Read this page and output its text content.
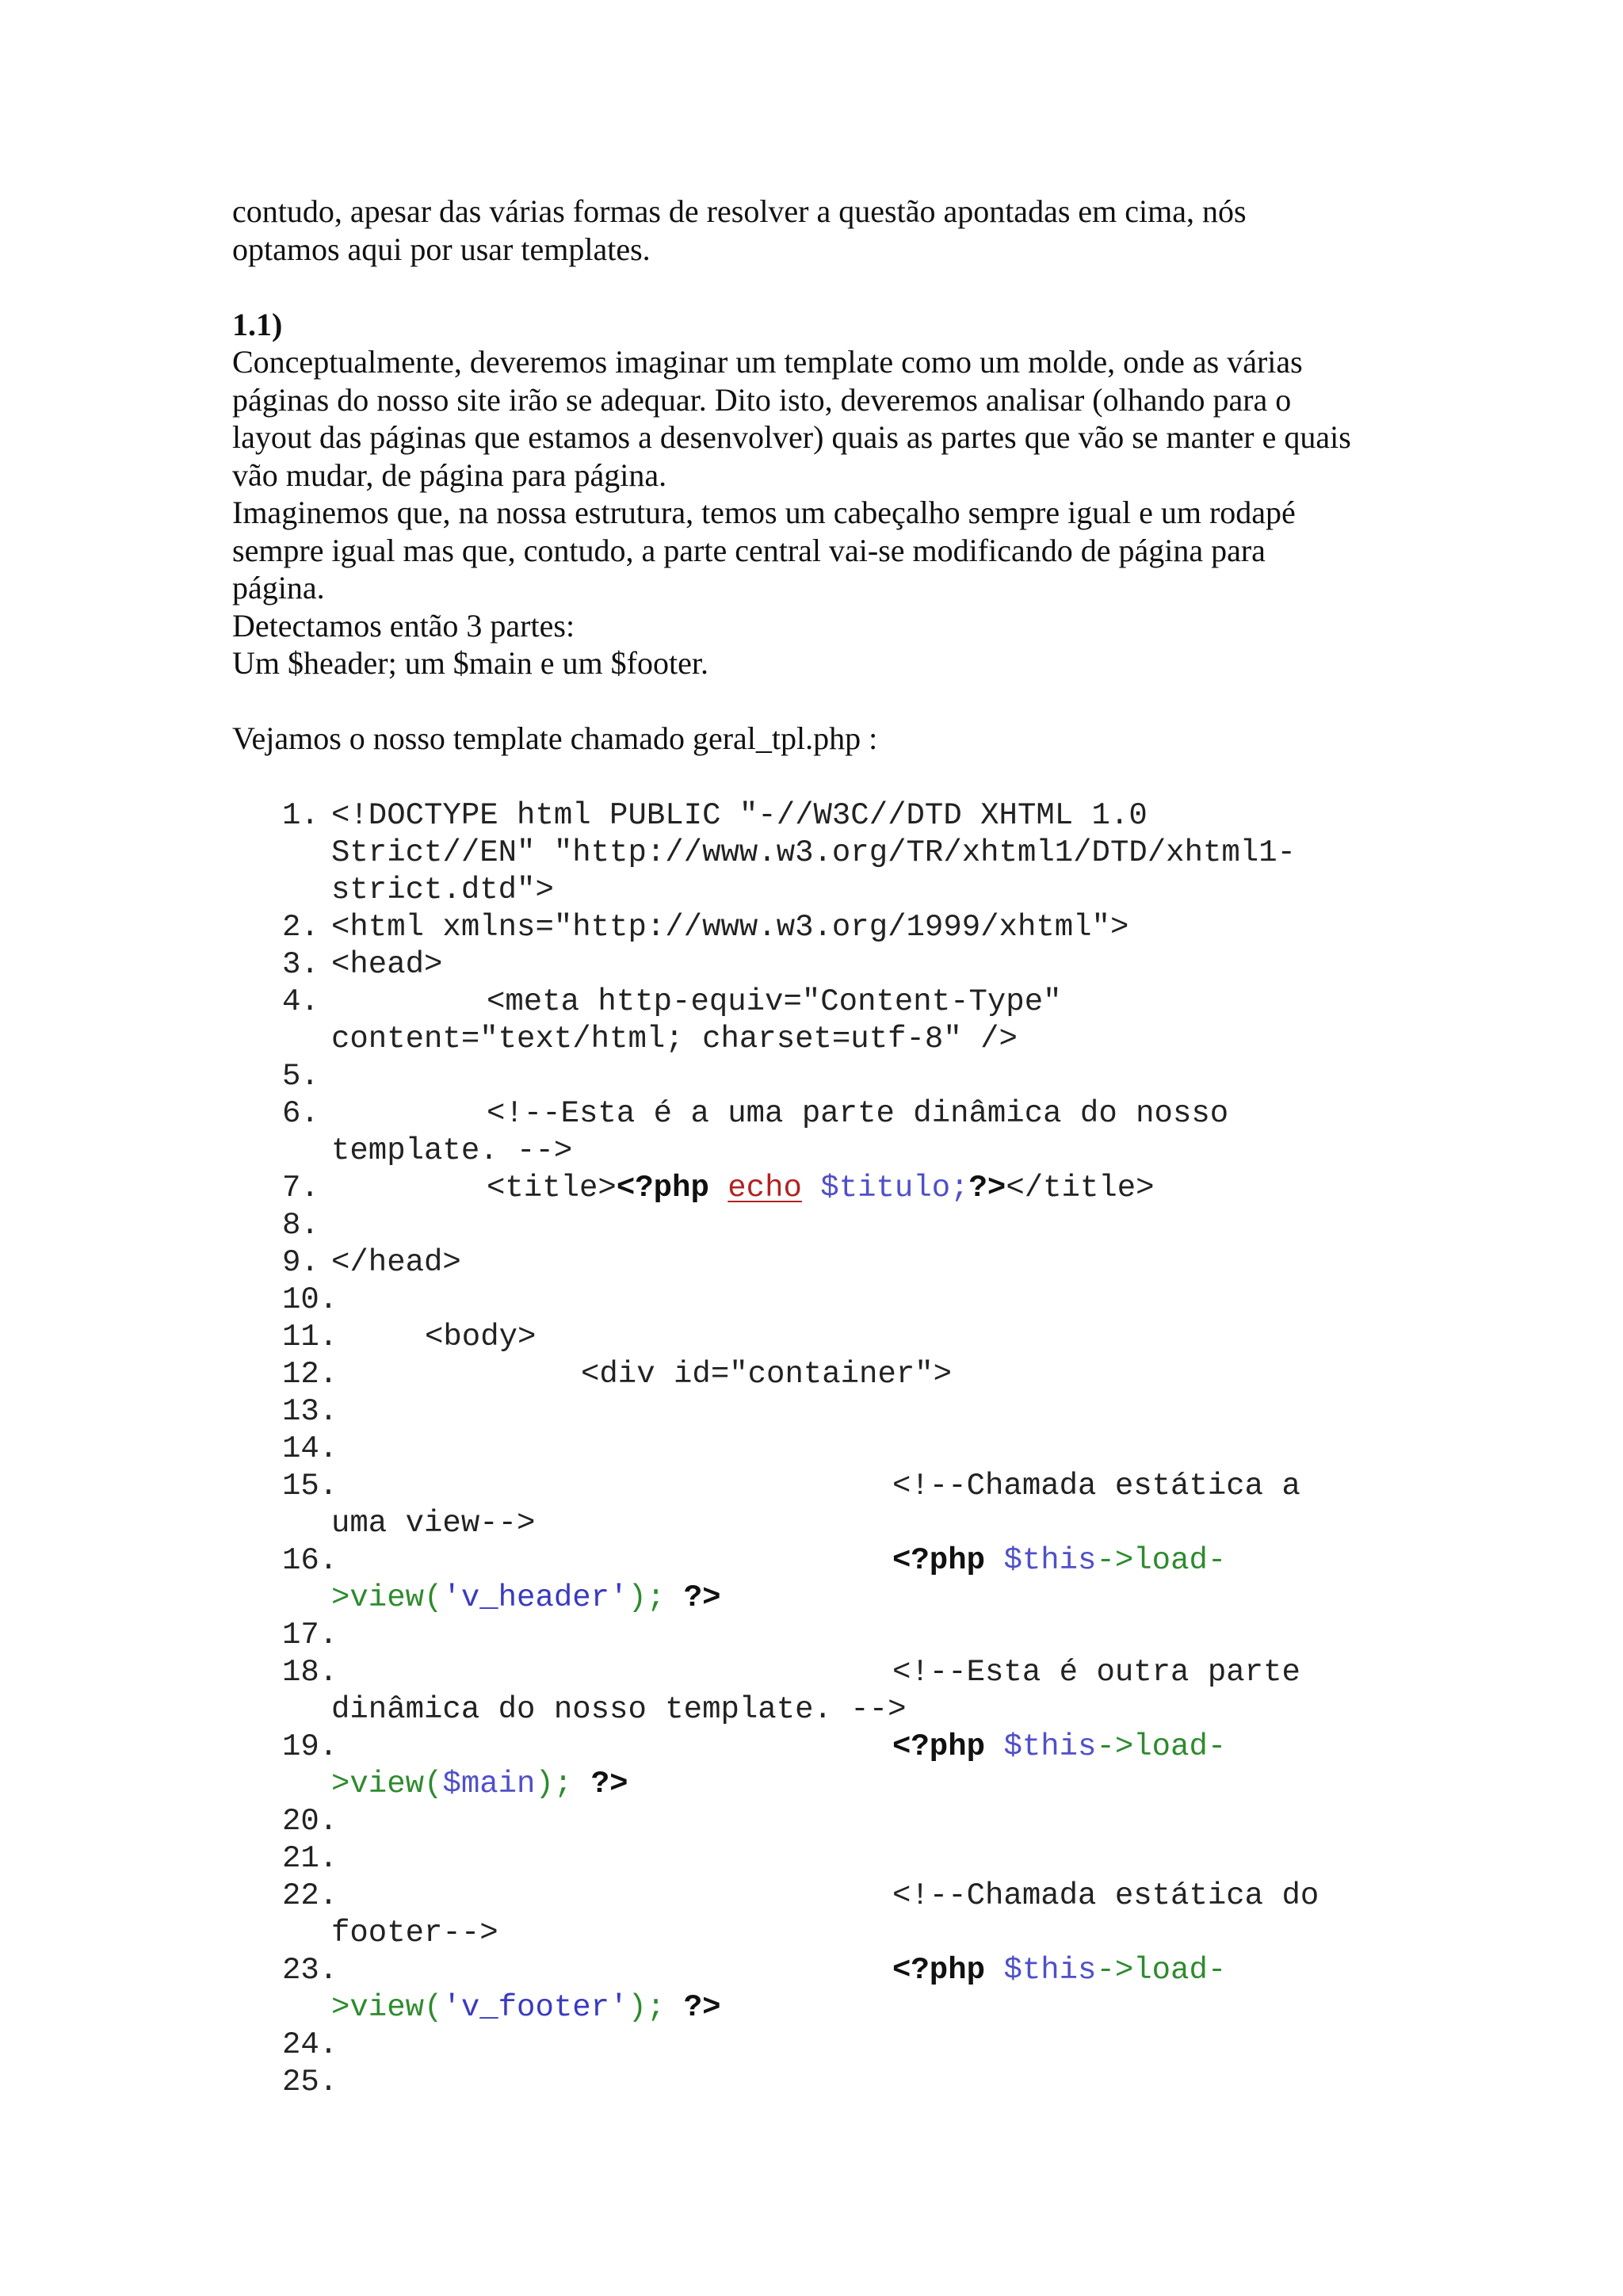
contudo, apesar das várias formas de resolver a questão apontadas em cima, nós

optamos aqui por usar templates.

1.1)

Conceptualmente, deveremos imaginar um template como um molde, onde as várias

páginas do nosso site irão se adequar. Dito isto, deveremos analisar (olhando para o

layout das páginas que estamos a desenvolver) quais as partes que vão se manter e quais

vão mudar, de página para página.

Imaginemos que, na nossa estrutura, temos um cabeçalho sempre igual e um rodapé

sempre igual mas que, contudo, a parte central vai-se modificando de página para

página.

Detectamos então 3 partes:

Um $header; um $main e um $footer.

Vejamos o nosso template chamado geral_tpl.php :

1. <!DOCTYPE html PUBLIC "-//W3C//DTD XHTML 1.0
Strict//EN" "http://www.w3.org/TR/xhtml1/DTD/xhtml1-
strict.dtd">
2. <html xmlns="http://www.w3.org/1999/xhtml">
3. <head>
4.	<meta http-equiv="Content-Type"
content="text/html; charset=utf-8" />
5.

6.	<!--Esta é a uma parte dinâmica do nosso
template. -->
7.	<title><?php echo $titulo;?></title>
8.

9. </head>
10.

11.	<body>
12.	<div id="container">
13.

14.

15.	<!--Chamada estática a
uma view-->
16.	<?php $this->load-
>view('v_header'); ?>
17.

18.	<!--Esta é outra parte
dinâmica do nosso template. -->
19.	<?php $this->load-
>view($main); ?>
20.

21.

22.	<!--Chamada estática do
footer-->
23.	<?php $this->load-
>view('v_footer'); ?>
24.

25.
